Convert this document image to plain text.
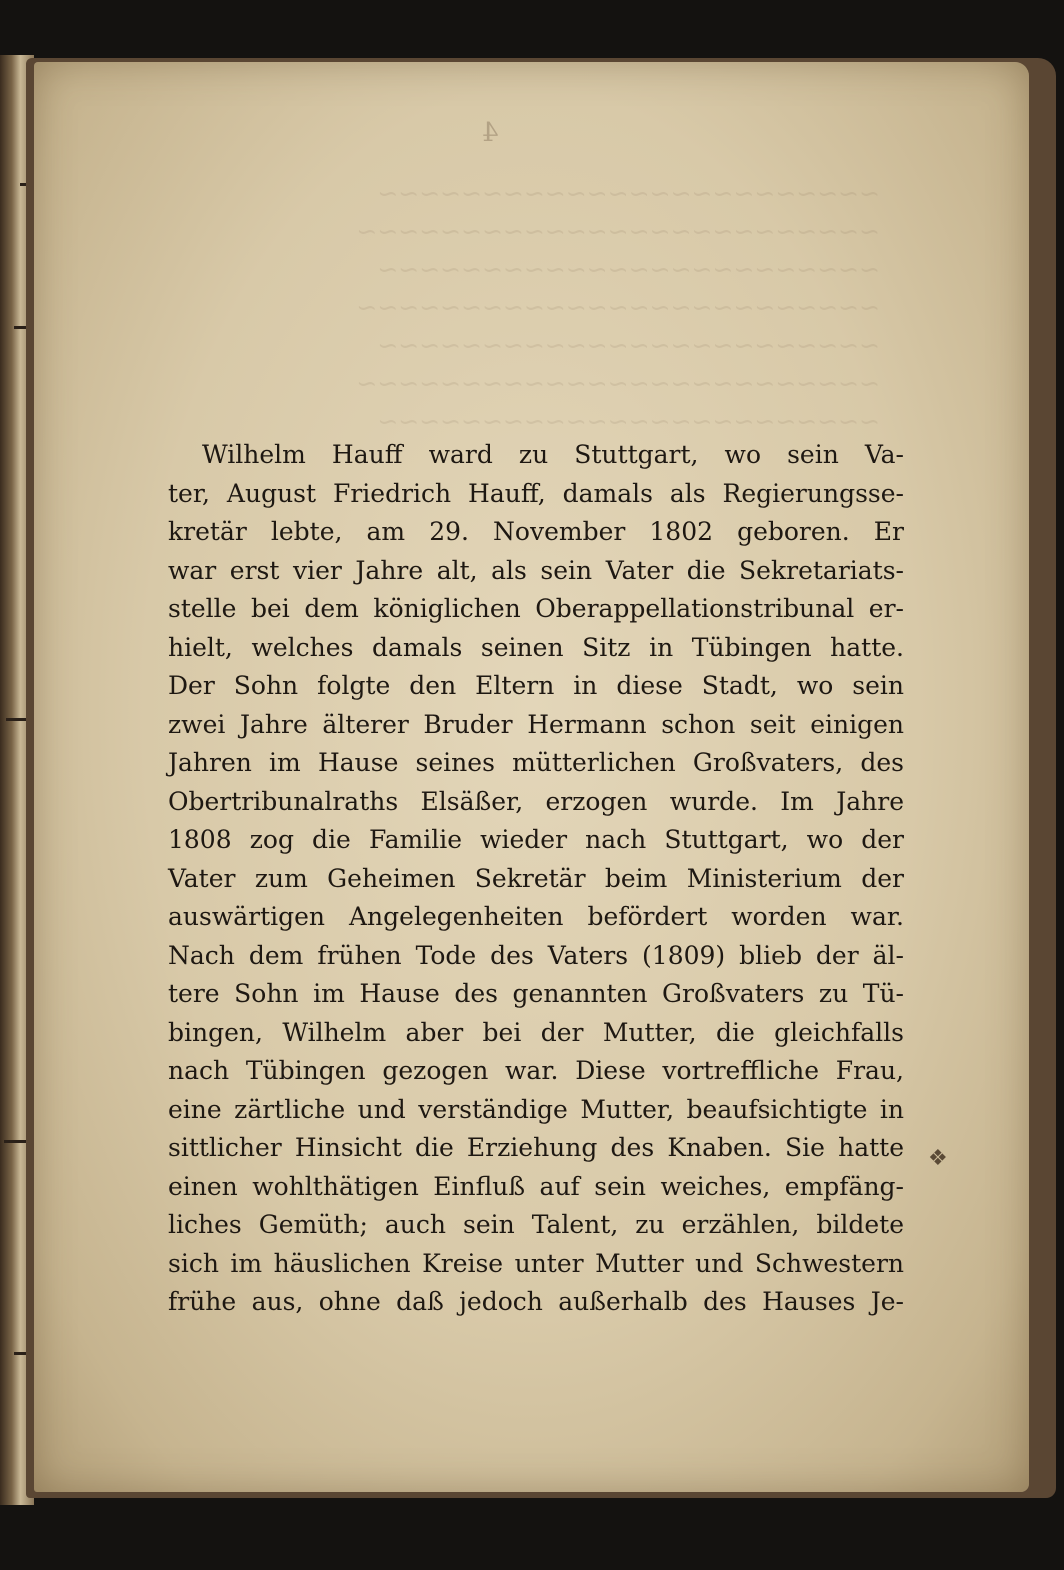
4
~~~~~~~~~~~~~~~~~~~~~~~~
~~~~~~~~~~~~~~~~~~~~~~~~~
~~~~~~~~~~~~~~~~~~~~~~~~
~~~~~~~~~~~~~~~~~~~~~~~~~
~~~~~~~~~~~~~~~~~~~~~~~~
~~~~~~~~~~~~~~~~~~~~~~~~~
~~~~~~~~~~~~~~~~~~~~~~~~
Wilhelm Hauff ward zu Stuttgart, wo sein Va-
ter, August Friedrich Hauff, damals als Regierungsse-
kretär lebte, am 29. November 1802 geboren. Er
war erst vier Jahre alt, als sein Vater die Sekretariats-
stelle bei dem königlichen Oberappellationstribunal er-
hielt, welches damals seinen Sitz in Tübingen hatte.
Der Sohn folgte den Eltern in diese Stadt, wo sein
zwei Jahre älterer Bruder Hermann schon seit einigen
Jahren im Hause seines mütterlichen Großvaters, des
Obertribunalraths Elsäßer, erzogen wurde. Im Jahre
1808 zog die Familie wieder nach Stuttgart, wo der
Vater zum Geheimen Sekretär beim Ministerium der
auswärtigen Angelegenheiten befördert worden war.
Nach dem frühen Tode des Vaters (1809) blieb der äl-
tere Sohn im Hause des genannten Großvaters zu Tü-
bingen, Wilhelm aber bei der Mutter, die gleichfalls
nach Tübingen gezogen war. Diese vortreffliche Frau,
eine zärtliche und verständige Mutter, beaufsichtigte in
sittlicher Hinsicht die Erziehung des Knaben. Sie hatte
einen wohlthätigen Einfluß auf sein weiches, empfäng-
liches Gemüth; auch sein Talent, zu erzählen, bildete
sich im häuslichen Kreise unter Mutter und Schwestern
frühe aus, ohne daß jedoch außerhalb des Hauses Je-
❖
